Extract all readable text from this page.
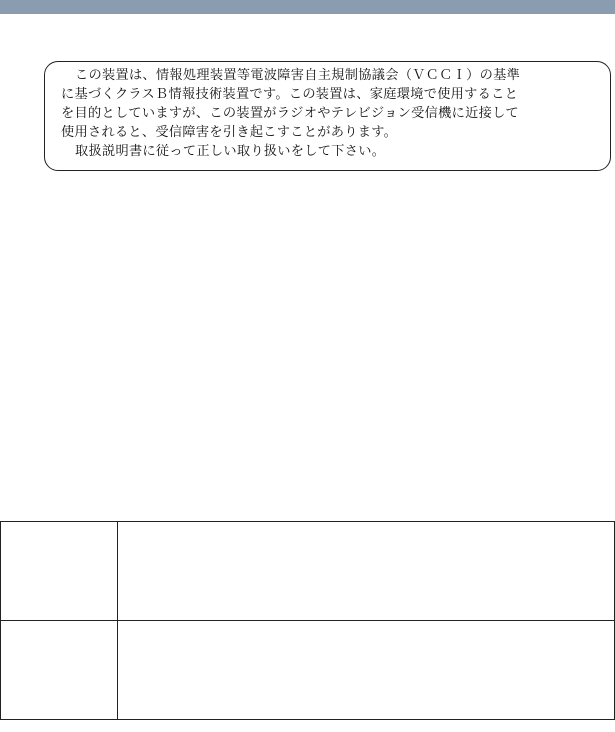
この装置は、情報処理装置等電波障害自主規制協議会（ＶＣＣＩ）の基準
に基づくクラスＢ情報技術装置です。この装置は、家庭環境で使用すること
を目的としていますが、この装置がラジオやテレビジョン受信機に近接して
使用されると、受信障害を引き起こすことがあります。
取扱説明書に従って正しい取り扱いをして下さい。
